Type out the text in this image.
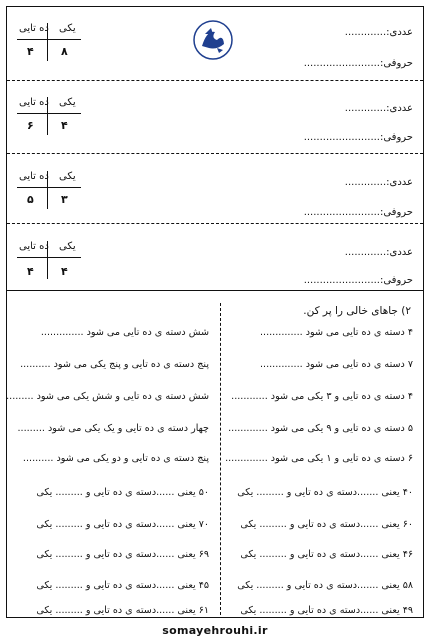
عددی:.............
حروفی:........................
یکی
ده تایی
۸
۴
عددی:.............
حروفی:........................
یکی
ده تایی
۴
۶
عددی:.............
حروفی:........................
یکی
ده تایی
۳
۵
عددی:.............
حروفی:........................
یکی
ده تایی
۴
۴
۲) جاهای خالی را پر کن.
۴ دسته ی ده تایی می شود ..............
۷ دسته ی ده تایی می شود ..............
۴ دسته ی ده تایی و ۳ یکی می شود ............
۵ دسته ی ده تایی و ۹ یکی می شود .............
۶ دسته ی ده تایی و ۱ یکی می شود ..............
۴۰ یعنی .......دسته ی ده تایی و ......... یکی
۶۰ یعنی ......دسته ی ده تایی و ......... یکی
۴۶ یعنی ......دسته ی ده تایی و ......... یکی
۵۸ یعنی .......دسته ی ده تایی و ......... یکی
۴۹ یعنی ......دسته ی ده تایی و ......... یکی
شش دسته ی ده تایی می شود ..............
پنج دسته ی ده تایی و پنج یکی می شود ..........
شش دسته ی ده تایی و شش یکی می شود .........
چهار دسته ی ده تایی و یک یکی می شود .........
پنج دسته ی ده تایی و دو یکی می شود ..........
۵۰ یعنی ......دسته ی ده تایی و ......... یکی
۷۰ یعنی ......دسته ی ده تایی و ......... یکی
۶۹ یعنی ......دسته ی ده تایی و ......... یکی
۴۵ یعنی ......دسته ی ده تایی و ......... یکی
۶۱ یعنی ......دسته ی ده تایی و ......... یکی
somayehrouhi.ir
